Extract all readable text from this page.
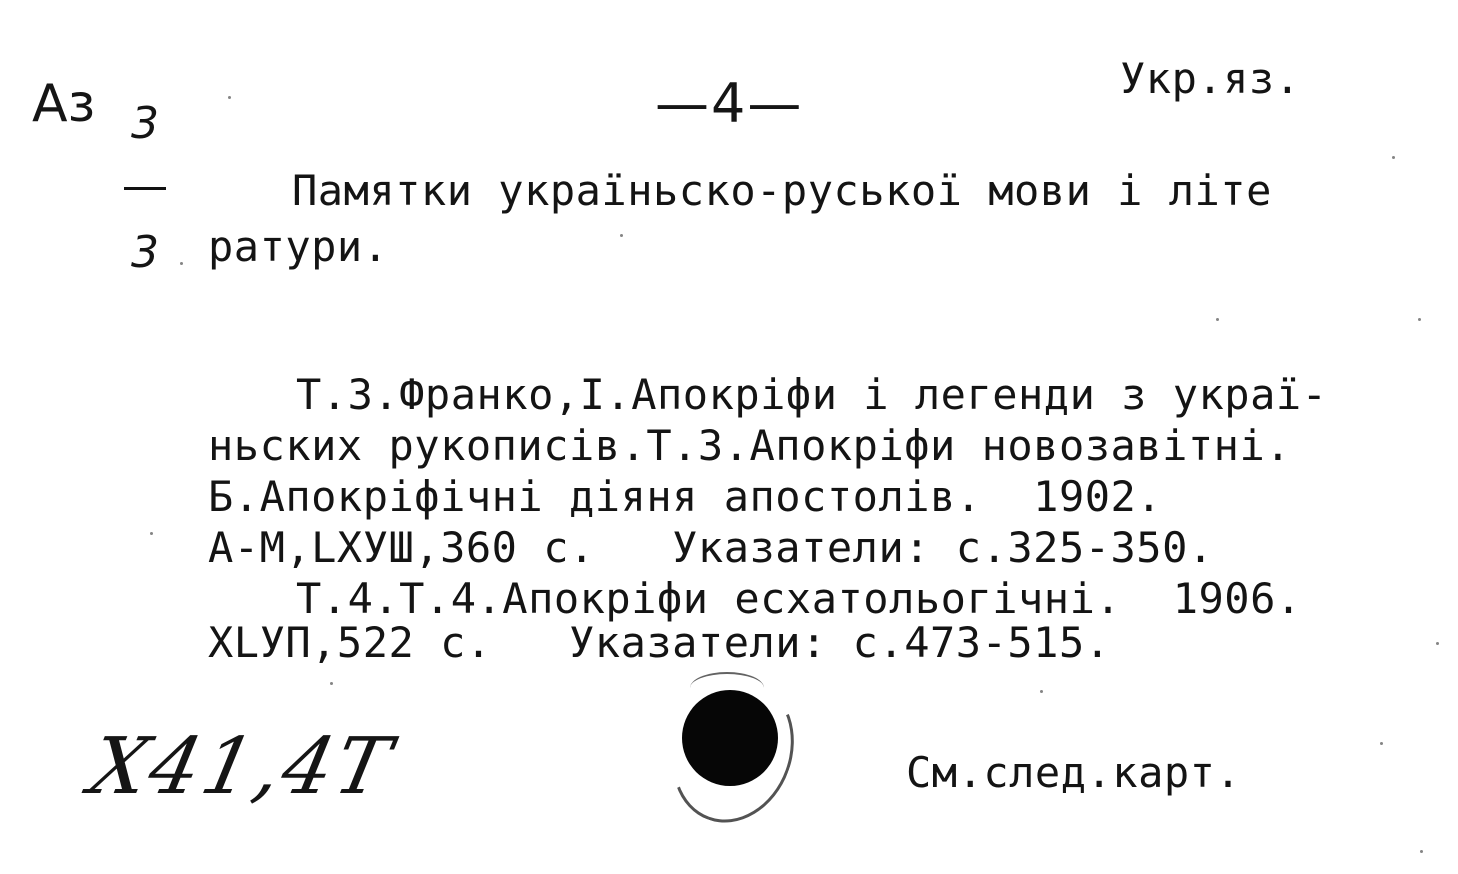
Аз

3

3

—4—	Укр.яз.
Памятки україньско-руської мови і літе
ратури.
Т.3.Франко,І.Апокріфи і легенди з украї-
ньских рукописів.Т.3.Апокріфи новозавітні.
Б.Апокріфічні діяня апостолів.  1902.
А-М,LXУШ,360 с.   Указатели: с.325-350.
Т.4.Т.4.Апокріфи есхатольогічні.  1906.
XLУП,522 с.   Указатели: с.473-515.
X41,4Т	См.след.карт.
